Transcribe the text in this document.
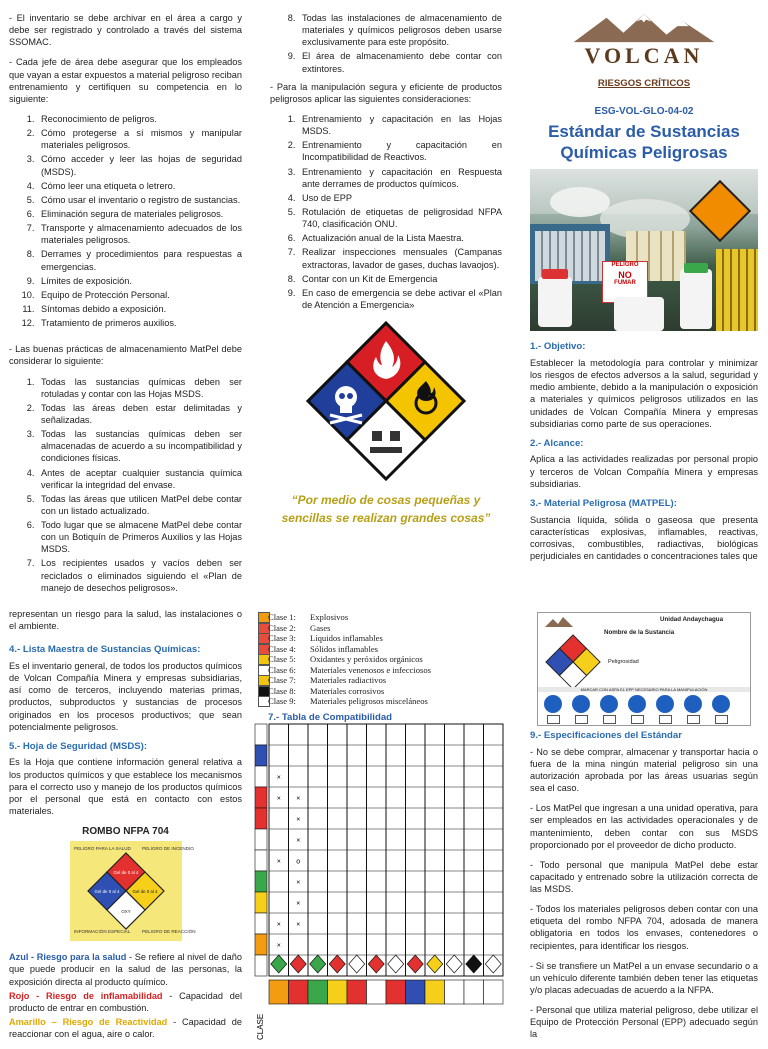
- El inventario se debe archivar en el área a cargo y debe ser registrado y controlado a través del sistema SSOMAC.

- Cada jefe de área debe asegurar que los empleados que vayan a estar expuestos a material peligroso reciban entrenamiento y certifiquen su competencia en lo siguiente:

1. Reconocimiento de peligros.
2. Cómo protegerse a sí mismos y manipular materiales peligrosos.
3. Cómo acceder y leer las hojas de seguridad (MSDS).
4. Cómo leer una etiqueta o letrero.
5. Cómo usar el inventario o registro de sustancias.
6. Eliminación segura de materiales peligrosos.
7. Transporte y almacenamiento adecuados de los materiales peligrosos.
8. Derrames y procedimientos para respuestas a emergencias.
9. Límites de exposición.
10. Equipo de Protección Personal.
11. Síntomas debido a exposición.
12. Tratamiento de primeros auxilios.

- Las buenas prácticas de almacenamiento MatPel debe considerar lo siguiente:

1. Todas las sustancias químicas deben ser rotuladas y contar con las Hojas MSDS.
2. Todas las áreas deben estar delimitadas y señalizadas.
3. Todas las sustancias químicas deben ser almacenadas de acuerdo a su incompatibilidad y condiciones físicas.
4. Antes de aceptar cualquier sustancia química verificar la integridad del envase.
5. Todas las áreas que utilicen MatPel debe contar con un listado actualizado.
6. Todo lugar que se almacene MatPel debe contar con un Botiquín de Primeros Auxilios y las Hojas MSDS.
7. Los recipientes usados y vacíos deben ser reciclados o eliminados siguiendo el «Plan de manejo de desechos peligrosos».
8. Todas las instalaciones de almacenamiento de materiales y químicos peligrosos deben usarse exclusivamente para este propósito.
9. El área de almacenamiento debe contar con extintores.

- Para la manipulación segura y eficiente de productos peligrosos aplicar las siguientes consideraciones:

1. Entrenamiento y capacitación en las Hojas MSDS.
2. Entrenamiento y capacitación en Incompatibilidad de Reactivos.
3. Entrenamiento y capacitación en Respuesta ante derrames de productos químicos.
4. Uso de EPP
5. Rotulación de etiquetas de peligrosidad NFPA 740, clasificación ONU.
6. Actualización anual de la Lista Maestra.
7. Realizar inspecciones mensuales (Campanas extractoras, lavador de gases, duchas lavaojos).
8. Contar con un Kit de Emergencia
9. En caso de emergencia se debe activar el «Plan de Atención a Emergencia»
“Por medio de cosas pequeñas y sencillas se realizan grandes cosas”
VOLCAN
RIESGOS CRÍTICOS
ESG-VOL-GLO-04-02
Estándar de Sustancias
Químicas Peligrosas
PELIGRO
NO
FUMAR
1.- Objetivo:

Establecer la metodología para controlar y minimizar los riesgos de efectos adversos a la salud, seguridad y medio ambiente, debido a la manipulación o exposición a materiales y químicos peligrosos utilizados en las unidades de Volcan Compañía Minera y empresas subsidiarias como parte de sus operaciones.

2.- Alcance:

Aplica a las actividades realizadas por personal propio y terceros de Volcan Compañía Minera y empresas subsidiarias.

3.- Material Peligrosa (MATPEL):

Sustancia líquida, sólida o gaseosa que presenta características explosivas, inflamables, reactivas, corrosivas, combustibles, radiactivas, biológicas perjudiciales en cantidades o concentraciones tales que

representan un riesgo para la salud, las instalaciones o el ambiente.

4.- Lista Maestra de Sustancias Químicas:

Es el inventario general, de todos los productos químicos de Volcan Compañía Minera y empresas subsidiarias, así como de terceros, incluyendo materias primas, productos, subproductos y sustancias de procesos originados en los procesos productivos; que sean potencialmente peligrosos.

5.- Hoja de Seguridad (MSDS):

Es la Hoja que contiene información general relativa a los productos químicos y que establece los mecanismos para el correcto uso y manejo de los productos químicos por el personal que está en contacto con estos materiales.

ROMBO NFPA 704
PELIGRO PARA LA SALUD PELIGRO DE INCENDIO
INFORMACIÓN ESPECIAL	PELIGRO DE REACCIÓN
Gel de 0 al 4
Gel de 0 al 4	Gel de 0 al 4
OXY

Azul - Riesgo para la salud - Se refiere al nivel de daño que puede producir en la salud de las personas, la exposición directa al producto químico.

Rojo - Riesgo de inflamabilidad - Capacidad del producto de entrar en combustión.

Amarillo – Riesgo de Reactividad - Capacidad de reaccionar con el agua, aire o calor.

Clase 1: Explosivos
Clase 2: Gases
Clase 3: Líquidos inflamables
Clase 4: Sólidos inflamables
Clase 5: Oxidantes y peróxidos orgánicos
Clase 6: Materiales venenosos e infecciosos
Clase 7: Materiales radiactivos
Clase 8: Materiales corrosivos
Clase 9: Materiales peligrosos misceláneos
7.- Tabla de Compatibilidad
×
× ×
×
×
× o
×
×
× ×
×
CLASE
Unidad Andaychagua
Nombre de la Sustancia
Peligrosidad
MARCAR CON ASPA EL EPP NECESARIO PARA LA MANIPULACIÓN
9.- Especificaciones del Estándar

- No se debe comprar, almacenar y transportar hacia o fuera de la mina ningún material peligroso sin una autorización aprobada por las áreas usuarias según sea el caso.

- Los MatPel que ingresan a una unidad operativa, para ser empleados en las actividades operacionales y de mantenimiento, deben contar con sus MSDS proporcionado por el proveedor de dicho producto.

- Todo personal que manipula MatPel debe estar capacitado y entrenado sobre la utilización correcta de las MSDS.

- Todos los materiales peligrosos deben contar con una etiqueta del rombo NFPA 704, adosada de manera obligatoria en todos los envases, contenedores o recipientes, para identificar los riesgos.

- Si se transfiere un MatPel a un envase secundario o a un vehículo diferente también deben tener las etiquetas y/o placas adecuadas de acuerdo a la NFPA.

- Personal que utiliza material peligroso, debe utilizar el Equipo de Protección Personal (EPP) adecuado según la
